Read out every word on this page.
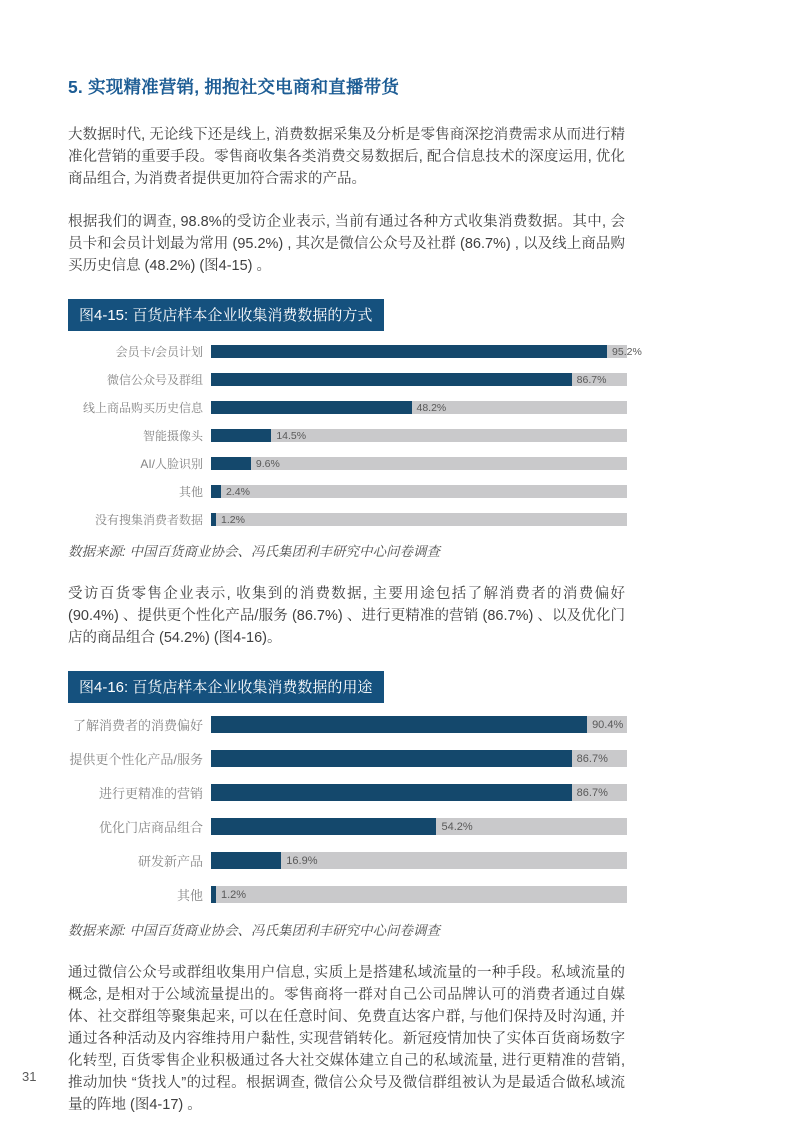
5. 实现精准营销, 拥抱社交电商和直播带货
大数据时代, 无论线下还是线上, 消费数据采集及分析是零售商深挖消费需求从而进行精准化营销的重要手段。零售商收集各类消费交易数据后, 配合信息技术的深度运用, 优化商品组合, 为消费者提供更加符合需求的产品。
根据我们的调查, 98.8%的受访企业表示, 当前有通过各种方式收集消费数据。其中, 会员卡和会员计划最为常用 (95.2%) , 其次是微信公众号及社群 (86.7%) , 以及线上商品购买历史信息 (48.2%) (图4-15) 。
图4-15: 百货店样本企业收集消费数据的方式
会员卡/会员计划	95.2%
微信公众号及群组	86.7%
线上商品购买历史信息	48.2%
智能摄像头	14.5%
AI/人脸识别	9.6%
其他	2.4%
没有搜集消费者数据	1.2%
数据来源: 中国百货商业协会、冯氏集团利丰研究中心问卷调查
受访百货零售企业表示, 收集到的消费数据, 主要用途包括了解消费者的消费偏好 (90.4%) 、提供更个性化产品/服务 (86.7%) 、进行更精准的营销 (86.7%) 、以及优化门店的商品组合 (54.2%) (图4-16)。
图4-16: 百货店样本企业收集消费数据的用途
了解消费者的消费偏好	90.4%
提供更个性化产品/服务	86.7%
进行更精准的营销	86.7%
优化门店商品组合	54.2%
研发新产品	16.9%
其他	1.2%
数据来源: 中国百货商业协会、冯氏集团利丰研究中心问卷调查
通过微信公众号或群组收集用户信息, 实质上是搭建私域流量的一种手段。私域流量的概念, 是相对于公域流量提出的。零售商将一群对自己公司品牌认可的消费者通过自媒体、社交群组等聚集起来, 可以在任意时间、免费直达客户群, 与他们保持及时沟通, 并通过各种活动及内容维持用户黏性, 实现营销转化。新冠疫情加快了实体百货商场数字化转型, 百货零售企业积极通过各大社交媒体建立自己的私域流量, 进行更精准的营销, 推动加快 “货找人”的过程。根据调查, 微信公众号及微信群组被认为是最适合做私域流量的阵地 (图4-17) 。
31
